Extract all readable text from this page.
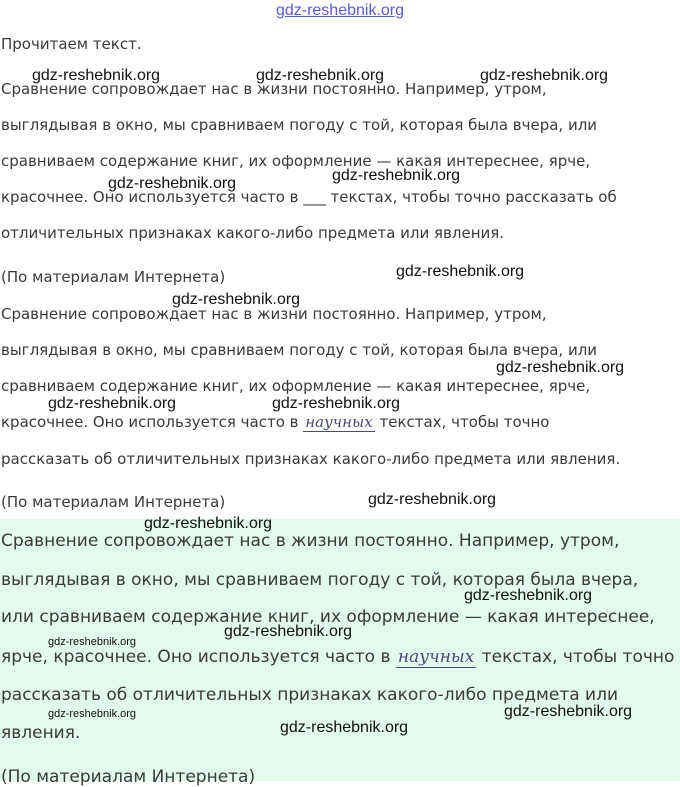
gdz-reshebnik.org
Прочитаем текст.
Сравнение сопровождает нас в жизни постоянно. Например, утром,
выглядывая в окно, мы сравниваем погоду с той, которая была вчера, или
сравниваем содержание книг, их оформление — какая интереснее, ярче,
красочнее. Оно используется часто в ___ текстах, чтобы точно рассказать об
отличительных признаках какого-либо предмета или явления.
(По материалам Интернета)
Сравнение сопровождает нас в жизни постоянно. Например, утром,
выглядывая в окно, мы сравниваем погоду с той, которая была вчера, или
сравниваем содержание книг, их оформление — какая интереснее, ярче,
красочнее. Оно используется часто в научных текстах, чтобы точно
рассказать об отличительных признаках какого-либо предмета или явления.
(По материалам Интернета)
Сравнение сопровождает нас в жизни постоянно. Например, утром,
выглядывая в окно, мы сравниваем погоду с той, которая была вчера,
или сравниваем содержание книг, их оформление — какая интереснее,
ярче, красочнее. Оно используется часто в научных текстах, чтобы точно
рассказать об отличительных признаках какого-либо предмета или
явления.
(По материалам Интернета)
gdz-reshebnik.org	gdz-reshebnik.org	gdz-reshebnik.org
gdz-reshebnik.org	gdz-reshebnik.org
gdz-reshebnik.org
gdz-reshebnik.org
gdz-reshebnik.org
gdz-reshebnik.org	gdz-reshebnik.org
gdz-reshebnik.org
gdz-reshebnik.org
gdz-reshebnik.org
gdz-reshebnik.org
gdz-reshebnik.org
gdz-reshebnik.org
gdz-reshebnik.org
gdz-reshebnik.org
